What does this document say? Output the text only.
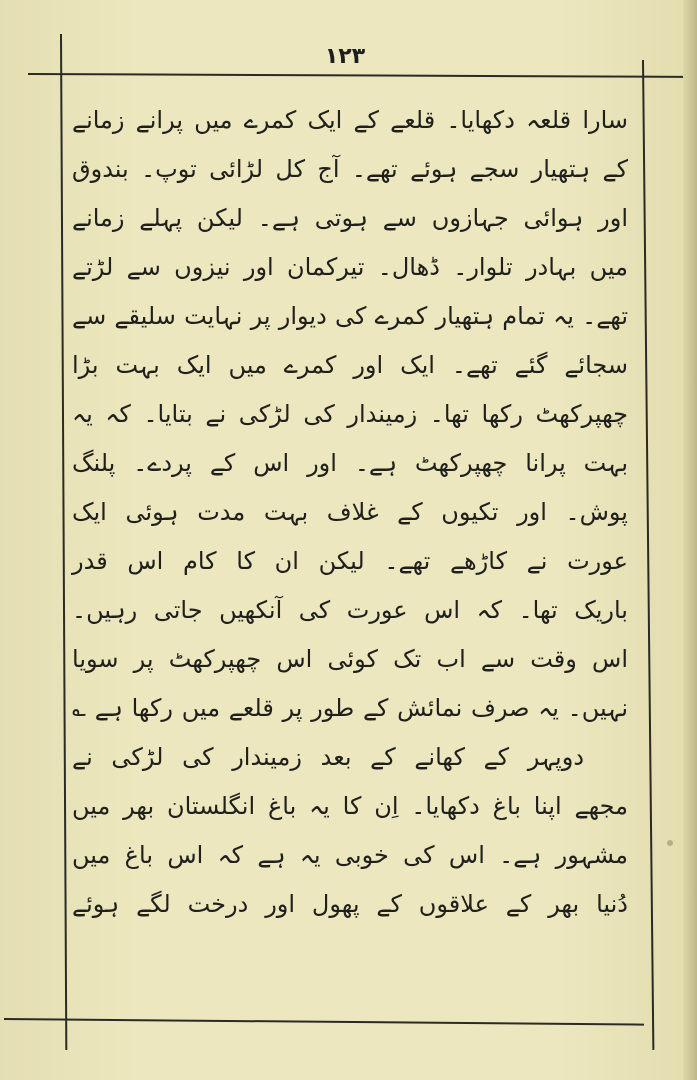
۱۲۳
سارا قلعہ دکھایا۔ قلعے کے ایک کمرے میں پرانے زمانے
کے ہتھیار سجے ہوئے تھے۔ آج کل لڑائی توپ۔ بندوق
اور ہوائی جہازوں سے ہوتی ہے۔ لیکن پہلے زمانے
میں بہادر تلوار۔ ڈھال۔ تیرکمان اور نیزوں سے لڑتے
تھے۔ یہ تمام ہتھیار کمرے کی دیوار پر نہایت سلیقے سے
سجائے گئے تھے۔ ایک اور کمرے میں ایک بہت بڑا
چھپرکھٹ رکھا تھا۔ زمیندار کی لڑکی نے بتایا۔ کہ یہ
بہت پرانا چھپرکھٹ ہے۔ اور اس کے پردے۔ پلنگ
پوش۔ اور تکیوں کے غلاف بہت مدت ہوئی ایک
عورت نے کاڑھے تھے۔ لیکن ان کا کام اس قدر
باریک تھا۔ کہ اس عورت کی آنکھیں جاتی رہیں۔
اس وقت سے اب تک کوئی اس چھپرکھٹ پر سویا
نہیں۔ یہ صرف نمائش کے طور پر قلعے میں رکھا ہے ؎
دوپہر کے کھانے کے بعد زمیندار کی لڑکی نے
مجھے اپنا باغ دکھایا۔ اِن کا یہ باغ انگلستان بھر میں
مشہور ہے۔ اس کی خوبی یہ ہے کہ اس باغ میں
دُنیا بھر کے علاقوں کے پھول اور درخت لگے ہوئے
